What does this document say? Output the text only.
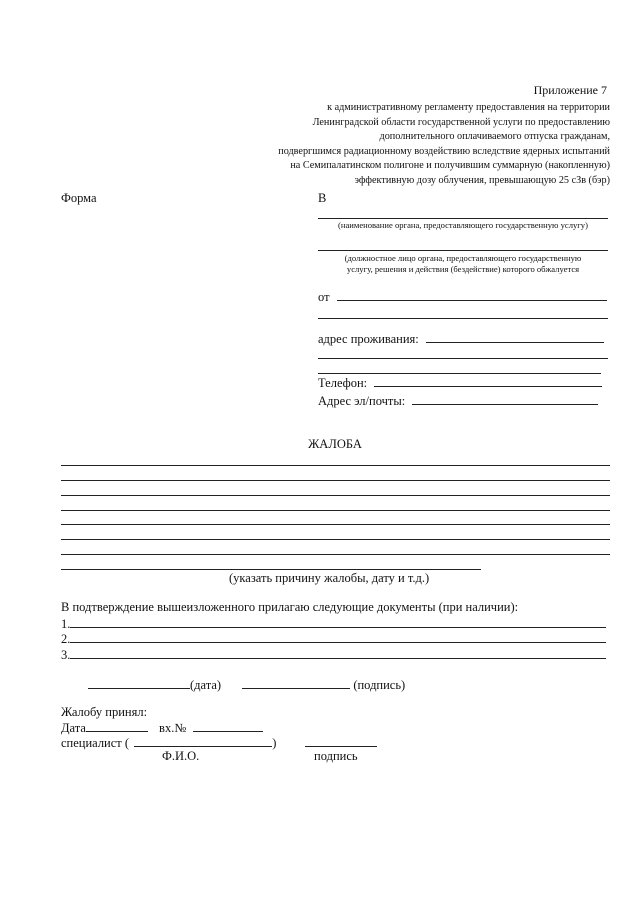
Приложение 7
к административному регламенту предоставления на территории
Ленинградской области государственной услуги по предоставлению
дополнительного оплачиваемого отпуска гражданам,
подвергшимся радиационному воздействию вследствие ядерных испытаний
на Семипалатинском полигоне и получившим суммарную (накопленную)
эффективную дозу облучения, превышающую 25 сЗв (бэр)
Форма	В
(наименование органа, предоставляющего государственную услугу)
(должностное лицо органа, предоставляющего государственную
услугу, решения и действия (бездействие) которого обжалуется
от
адрес проживания:
Телефон:
Адрес эл/почты:
ЖАЛОБА
(указать причину жалобы, дату и т.д.)
В подтверждение вышеизложенного прилагаю следующие документы (при наличии):
1.
2.
3.
(дата)	(подпись)
Жалобу принял:
Дата	вх.№
специалист (	)
Ф.И.О.	подпись
